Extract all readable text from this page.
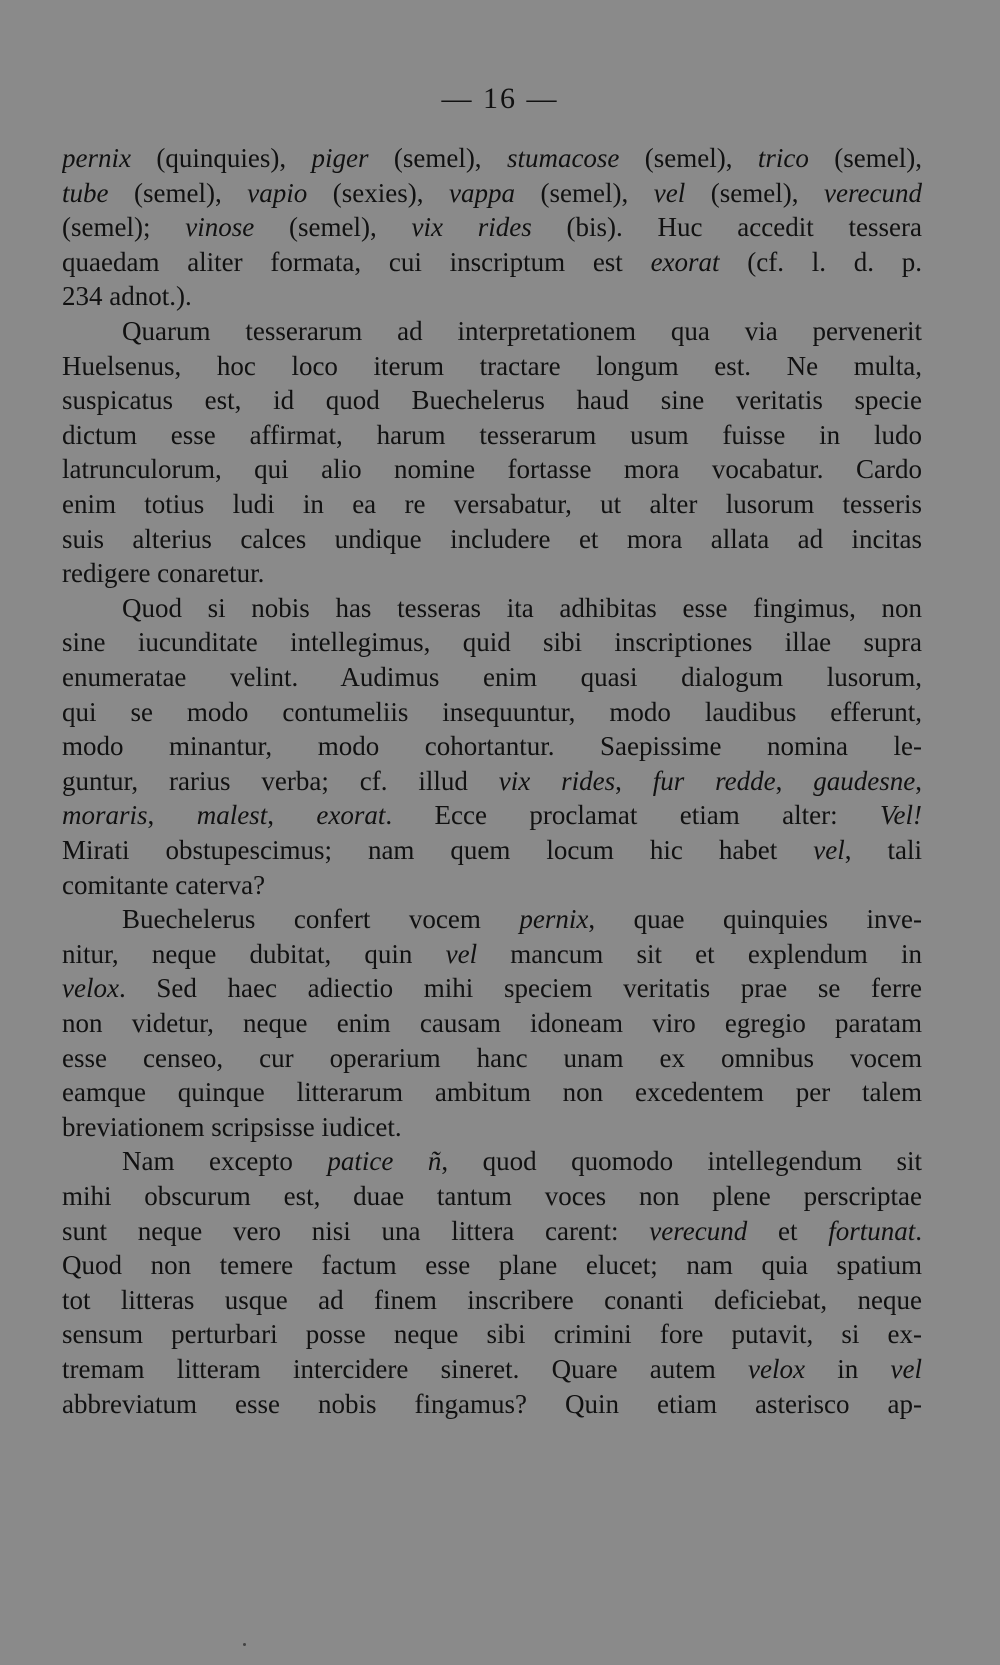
— 16 —
pernix (quinquies), piger (semel), stumacose (semel), trico (semel),
tube (semel), vapio (sexies), vappa (semel), vel (semel), verecund
(semel); vinose (semel), vix rides (bis). Huc accedit tessera
quaedam aliter formata, cui inscriptum est exorat (cf. l. d. p.
234 adnot.).
Quarum tesserarum ad interpretationem qua via pervenerit
Huelsenus, hoc loco iterum tractare longum est. Ne multa,
suspicatus est, id quod Buechelerus haud sine veritatis specie
dictum esse affirmat, harum tesserarum usum fuisse in ludo
latrunculorum, qui alio nomine fortasse mora vocabatur. Cardo
enim totius ludi in ea re versabatur, ut alter lusorum tesseris
suis alterius calces undique includere et mora allata ad incitas
redigere conaretur.
Quod si nobis has tesseras ita adhibitas esse fingimus, non
sine iucunditate intellegimus, quid sibi inscriptiones illae supra
enumeratae velint. Audimus enim quasi dialogum lusorum,
qui se modo contumeliis insequuntur, modo laudibus efferunt,
modo minantur, modo cohortantur. Saepissime nomina le-
guntur, rarius verba; cf. illud vix rides, fur redde, gaudesne,
moraris, malest, exorat. Ecce proclamat etiam alter: Vel!
Mirati obstupescimus; nam quem locum hic habet vel, tali
comitante caterva?
Buechelerus confert vocem pernix, quae quinquies inve-
nitur, neque dubitat, quin vel mancum sit et explendum in
velox. Sed haec adiectio mihi speciem veritatis prae se ferre
non videtur, neque enim causam idoneam viro egregio paratam
esse censeo, cur operarium hanc unam ex omnibus vocem
eamque quinque litterarum ambitum non excedentem per talem
breviationem scripsisse iudicet.
Nam excepto patice ñ, quod quomodo intellegendum sit
mihi obscurum est, duae tantum voces non plene perscriptae
sunt neque vero nisi una littera carent: verecund et fortunat.
Quod non temere factum esse plane elucet; nam quia spatium
tot litteras usque ad finem inscribere conanti deficiebat, neque
sensum perturbari posse neque sibi crimini fore putavit, si ex-
tremam litteram intercidere sineret. Quare autem velox in vel
abbreviatum esse nobis fingamus? Quin etiam asterisco ap-
